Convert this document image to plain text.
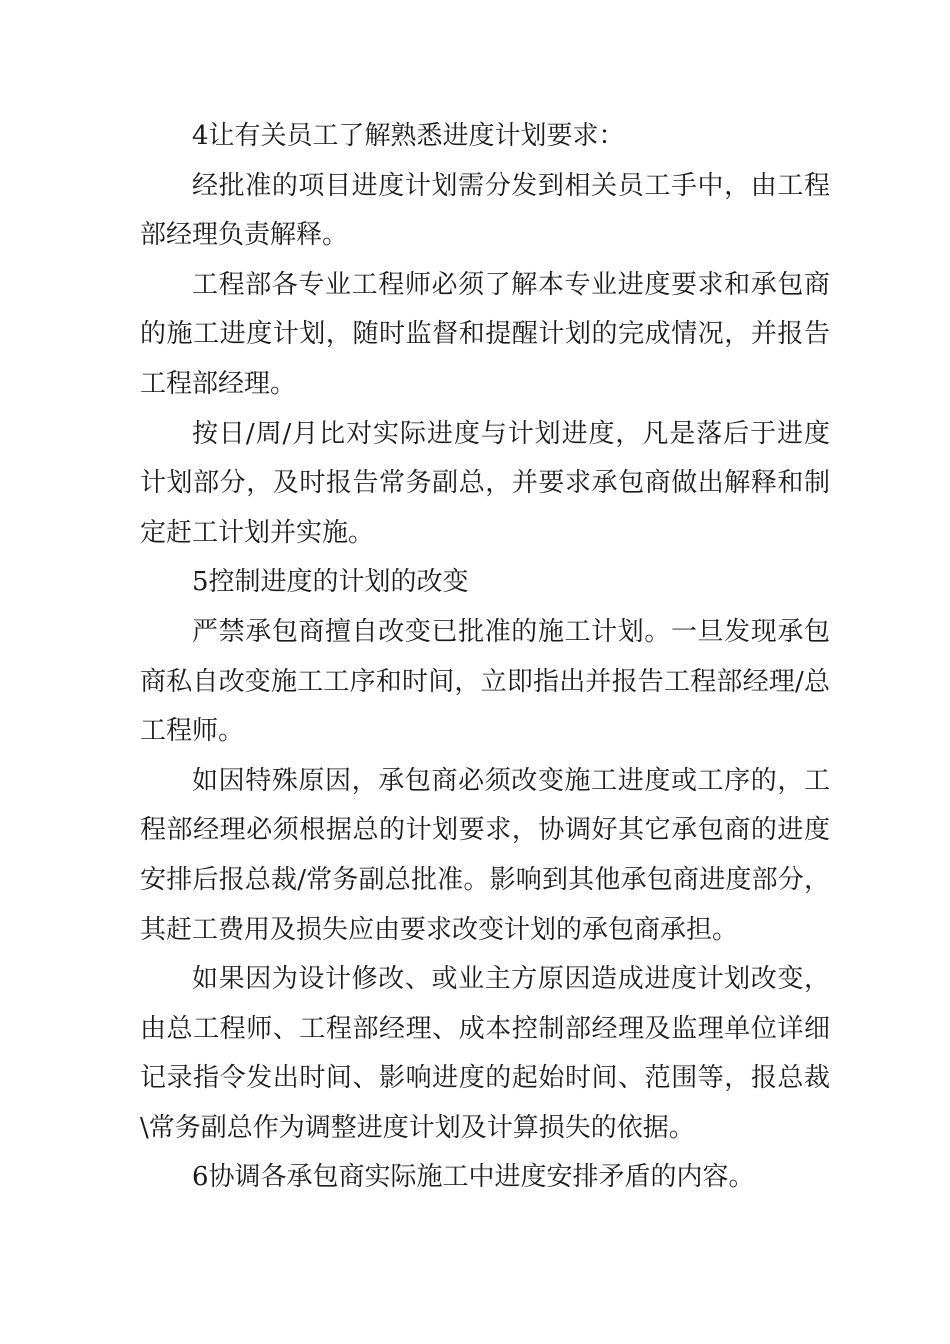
4让有关员工了解熟悉进度计划要求：

经批准的项目进度计划需分发到相关员工手中，由工程部经理负责解释。

工程部各专业工程师必须了解本专业进度要求和承包商的施工进度计划，随时监督和提醒计划的完成情况，并报告工程部经理。

按日/周/月比对实际进度与计划进度，凡是落后于进度计划部分，及时报告常务副总，并要求承包商做出解释和制定赶工计划并实施。

5控制进度的计划的改变

严禁承包商擅自改变已批准的施工计划。一旦发现承包商私自改变施工工序和时间，立即指出并报告工程部经理/总工程师。

如因特殊原因，承包商必须改变施工进度或工序的，工程部经理必须根据总的计划要求，协调好其它承包商的进度安排后报总裁/常务副总批准。影响到其他承包商进度部分，其赶工费用及损失应由要求改变计划的承包商承担。

如果因为设计修改、或业主方原因造成进度计划改变，由总工程师、工程部经理、成本控制部经理及监理单位详细记录指令发出时间、影响进度的起始时间、范围等，报总裁\常务副总作为调整进度计划及计算损失的依据。

6协调各承包商实际施工中进度安排矛盾的内容。
